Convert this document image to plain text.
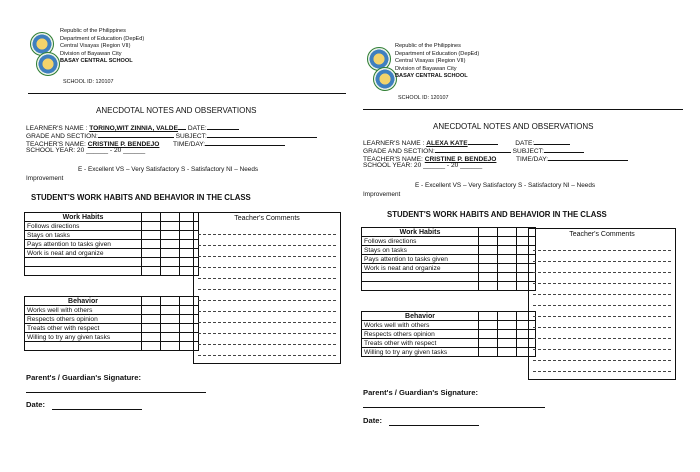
Republic of the Philippines
Department of Education (DepEd)
Central Visayas (Region VII)
Division of Bayawan City
BASAY CENTRAL SCHOOL
SCHOOL ID: 120107
ANECDOTAL NOTES AND OBSERVATIONS
LEARNER'S NAME : TORINO,WIT ZINNIA, VALDE DATE:
GRADE AND SECTION:	SUBJECT:
TEACHER'S NAME: CRISTINE P. BENDEJO TIME/DAY:
SCHOOL YEAR: 20 ______ - 20 ______
E - Excellent VS – Very Satisfactory S - Satisfactory NI – Needs
Improvement
STUDENT'S WORK HABITS AND BEHAVIOR IN THE CLASS
Work Habits			
Follows directions			
Stays on tasks			
Pays attention to tasks given			
Work is neat and organize			

Behavior			
Works well with others			
Respects others opinion			
Treats other with respect			
Willing to try any given tasks			

Teacher's Comments
Parent's / Guardian's Signature:
Date:
Republic of the Philippines
Department of Education (DepEd)
Central Visayas (Region VII)
Division of Bayawan City
BASAY CENTRAL SCHOOL
SCHOOL ID: 120107
ANECDOTAL NOTES AND OBSERVATIONS
LEARNER'S NAME : ALEXA KATE	DATE:
GRADE AND SECTION:	SUBJECT:
TEACHER'S NAME: CRISTINE P. BENDEJO	TIME/DAY:
SCHOOL YEAR: 20 ______ - 20 ______
E - Excellent VS – Very Satisfactory S - Satisfactory NI – Needs
Improvement
STUDENT'S WORK HABITS AND BEHAVIOR IN THE CLASS
Work Habits			
Follows directions			
Stays on tasks			
Pays attention to tasks given			
Work is neat and organize			

Behavior			
Works well with others			
Respects others opinion			
Treats other with respect			
Willing to try any given tasks			
Teacher's Comments
Parent's / Guardian's Signature:
Date:
